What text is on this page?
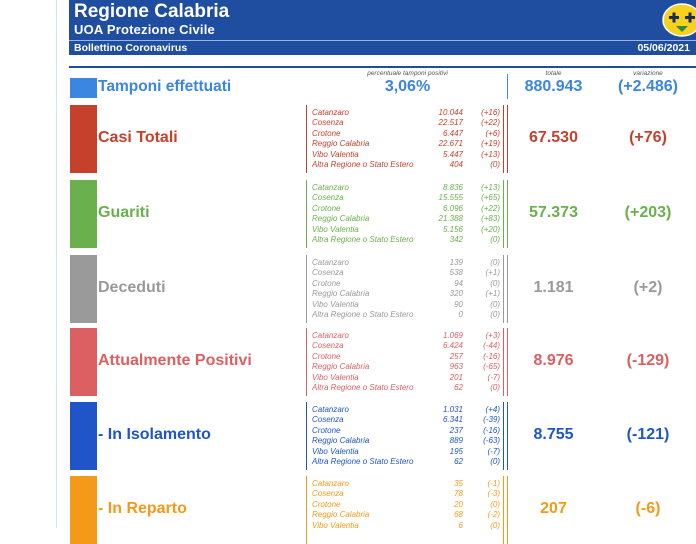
Regione Calabria
UOA Protezione Civile
Bollettino Coronavirus	05/06/2021
percentuale tamponi positivi	totale	variazione
Tamponi effettuati	3,06%	880.943	(+2.486)
Casi Totali
Catanzaro	10.044 (+16)
Cosenza	22.517 (+22)
Crotone	6.447	(+6)
Reggio Calabria	22.671 (+19)
Vibo Valentia	5.447 (+13)
Altra Regione o Stato Estero	404	(0)
67.530	(+76)
Guariti
Catanzaro	8.836 (+13)
Cosenza	15.555 (+65)
Crotone	6.096 (+22)
Reggio Calabria	21.388 (+83)
Vibo Valentia	5.156 (+20)
Altra Regione o Stato Estero	342	(0)
57.373	(+203)
Deceduti
Catanzaro	139	(0)
Cosenza	538	(+1)
Crotone	94	(0)
Reggio Calabria	320	(+1)
Vibo Valentia	90	(0)
Altra Regione o Stato Estero	0	(0)
1.181	(+2)
Attualmente Positivi
Catanzaro	1.069	(+3)
Cosenza	6.424	(-44)
Crotone	257	(-16)
Reggio Calabria	963	(-65)
Vibo Valentia	201	(-7)
Altra Regione o Stato Estero	62	(0)
8.976	(-129)
- In Isolamento
Catanzaro	1.031	(+4)
Cosenza	6.341	(-39)
Crotone	237	(-16)
Reggio Calabria	889	(-63)
Vibo Valentia	195	(-7)
Altra Regione o Stato Estero	62	(0)
8.755	(-121)
- In Reparto
Catanzaro	35	(-1)
Cosenza	78	(-3)
Crotone	20	(0)
Reggio Calabria	68	(-2)
Vibo Valentia	6	(0)
207	(-6)
